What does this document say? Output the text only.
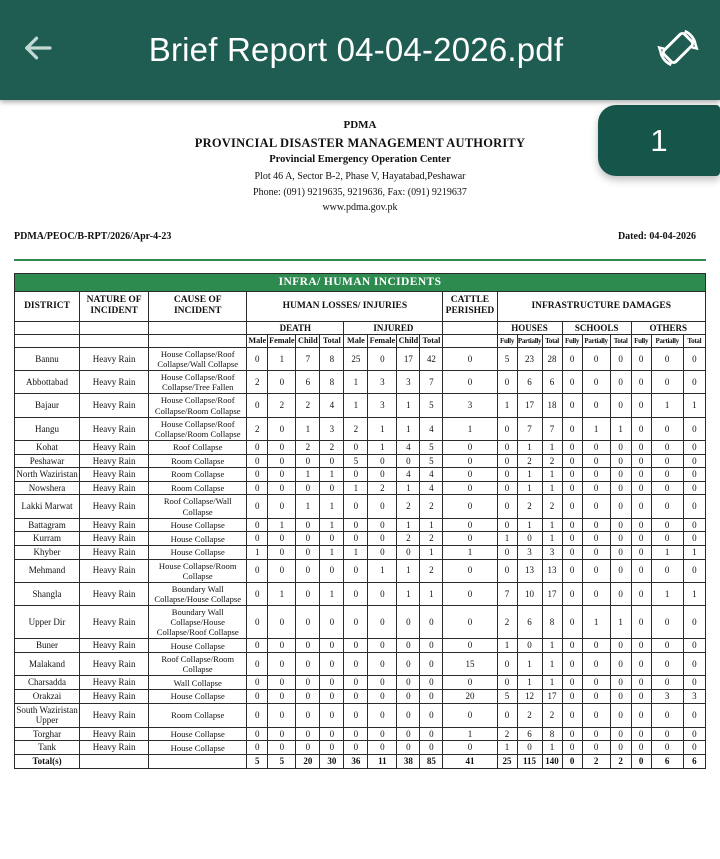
Brief Report 04-04-2026.pdf
1
PDMA
PROVINCIAL DISASTER MANAGEMENT AUTHORITY
Provincial Emergency Operation Center
Plot 46 A, Sector B-2, Phase V, Hayatabad,Peshawar
Phone: (091) 9219635, 9219636, Fax: (091) 9219637
www.pdma.gov.pk
PDMA/PEOC/B-RPT/2026/Apr-4-23	Dated: 04-04-2026
INFRA/ HUMAN INCIDENTS																				
DISTRICT	NATURE OF INCIDENT	CAUSE OF INCIDENT	HUMAN LOSSES/ INJURIES								CATTLE PERISHED	INFRASTRUCTURE DAMAGES								
			DEATH				INJURED					HOUSES			SCHOOLS			OTHERS		
			Male	Female	Child	Total	Male	Female	Child	Total		Fully	Partially	Total	Fully	Partially	Total	Fully	Partially	Total
Bannu	Heavy Rain	House Collapse/Roof Collapse/Wall Collapse	0	1	7	8	25	0	17	42	0	5	23	28	0	0	0	0	0	0
Abbottabad	Heavy Rain	House Collapse/Roof Collapse/Tree Fallen	2	0	6	8	1	3	3	7	0	0	6	6	0	0	0	0	0	0
Bajaur	Heavy Rain	House Collapse/Roof Collapse/Room Collapse	0	2	2	4	1	3	1	5	3	1	17	18	0	0	0	0	1	1
Hangu	Heavy Rain	House Collapse/Roof Collapse/Room Collapse	2	0	1	3	2	1	1	4	1	0	7	7	0	1	1	0	0	0
Kohat	Heavy Rain	Roof Collapse	0	0	2	2	0	1	4	5	0	0	1	1	0	0	0	0	0	0
Peshawar	Heavy Rain	Room Collapse	0	0	0	0	5	0	0	5	0	0	2	2	0	0	0	0	0	0
North Waziristan	Heavy Rain	Room Collapse	0	0	1	1	0	0	4	4	0	0	1	1	0	0	0	0	0	0
Nowshera	Heavy Rain	Room Collapse	0	0	0	0	1	2	1	4	0	0	1	1	0	0	0	0	0	0
Lakki Marwat	Heavy Rain	Roof Collapse/Wall Collapse	0	0	1	1	0	0	2	2	0	0	2	2	0	0	0	0	0	0
Battagram	Heavy Rain	House Collapse	0	1	0	1	0	0	1	1	0	0	1	1	0	0	0	0	0	0
Kurram	Heavy Rain	House Collapse	0	0	0	0	0	0	2	2	0	1	0	1	0	0	0	0	0	0
Khyber	Heavy Rain	House Collapse	1	0	0	1	1	0	0	1	1	0	3	3	0	0	0	0	1	1
Mehmand	Heavy Rain	House Collapse/Room Collapse	0	0	0	0	0	1	1	2	0	0	13	13	0	0	0	0	0	0
Shangla	Heavy Rain	Boundary Wall Collapse/House Collapse	0	1	0	1	0	0	1	1	0	7	10	17	0	0	0	0	1	1
Upper Dir	Heavy Rain	Boundary Wall Collapse/House Collapse/Roof Collapse	0	0	0	0	0	0	0	0	0	2	6	8	0	1	1	0	0	0
Buner	Heavy Rain	House Collapse	0	0	0	0	0	0	0	0	0	1	0	1	0	0	0	0	0	0
Malakand	Heavy Rain	Roof Collapse/Room Collapse	0	0	0	0	0	0	0	0	15	0	1	1	0	0	0	0	0	0
Charsadda	Heavy Rain	Wall Collapse	0	0	0	0	0	0	0	0	0	0	1	1	0	0	0	0	0	0
Orakzai	Heavy Rain	House Collapse	0	0	0	0	0	0	0	0	20	5	12	17	0	0	0	0	3	3
South Waziristan Upper	Heavy Rain	Room Collapse	0	0	0	0	0	0	0	0	0	0	2	2	0	0	0	0	0	0
Torghar	Heavy Rain	House Collapse	0	0	0	0	0	0	0	0	1	2	6	8	0	0	0	0	0	0
Tank	Heavy Rain	House Collapse	0	0	0	0	0	0	0	0	0	1	0	1	0	0	0	0	0	0
Total(s)			5	5	20	30	36	11	38	85	41	25	115	140	0	2	2	0	6	6
